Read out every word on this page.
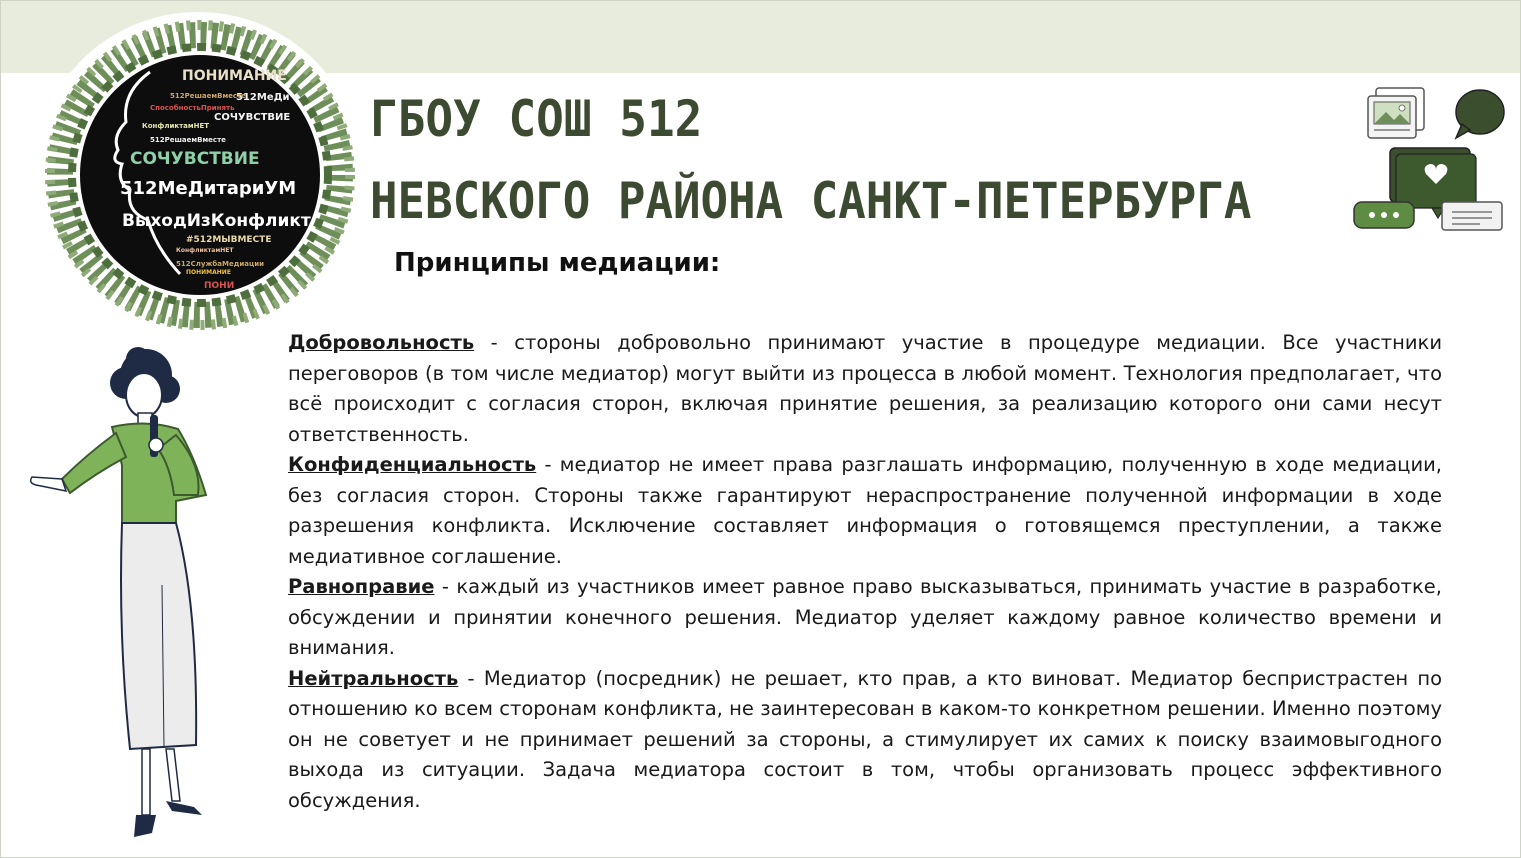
ПОНИМАНИЕ
512МеДи
512РешаемВместе
СпособностьПринять
СОЧУВСТВИЕ
КонфликтамНЕТ
512РешаемВместе
СОЧУВСТВИЕ
512МеДитариУМ
ВыходИзКонфликт
#512МЫВМЕСТЕ
КонфликтамНЕТ
512СлужбаМедиации
ПОНИМАНИЕ
ПОНИ
ГБОУ СОШ 512
НЕВСКОГО РАЙОНА САНКТ-ПЕТЕРБУРГА
Принципы медиации:

Добровольность - стороны добровольно принимают участие в процедуре медиации. Все участники переговоров (в том числе медиатор) могут выйти из процесса в любой момент. Технология предполагает, что всё происходит с согласия сторон, включая принятие решения, за реализацию которого они сами несут ответственность.

Конфиденциальность - медиатор не имеет права разглашать информацию, полученную в ходе медиации, без согласия сторон. Стороны также гарантируют нераспространение полученной информации в ходе разрешения конфликта. Исключение составляет информация о готовящемся преступлении, а также медиативное соглашение.

Равноправие - каждый из участников имеет равное право высказываться, принимать участие в разработке, обсуждении и принятии конечного решения. Медиатор уделяет каждому равное количество времени и внимания.

Нейтральность - Медиатор (посредник) не решает, кто прав, а кто виноват. Медиатор беспристрастен по отношению ко всем сторонам конфликта, не заинтересован в каком-то конкретном решении. Именно поэтому он не советует и не принимает решений за стороны, а стимулирует их самих к поиску взаимовыгодного выхода из ситуации. Задача медиатора состоит в том, чтобы организовать процесс эффективного обсуждения.
